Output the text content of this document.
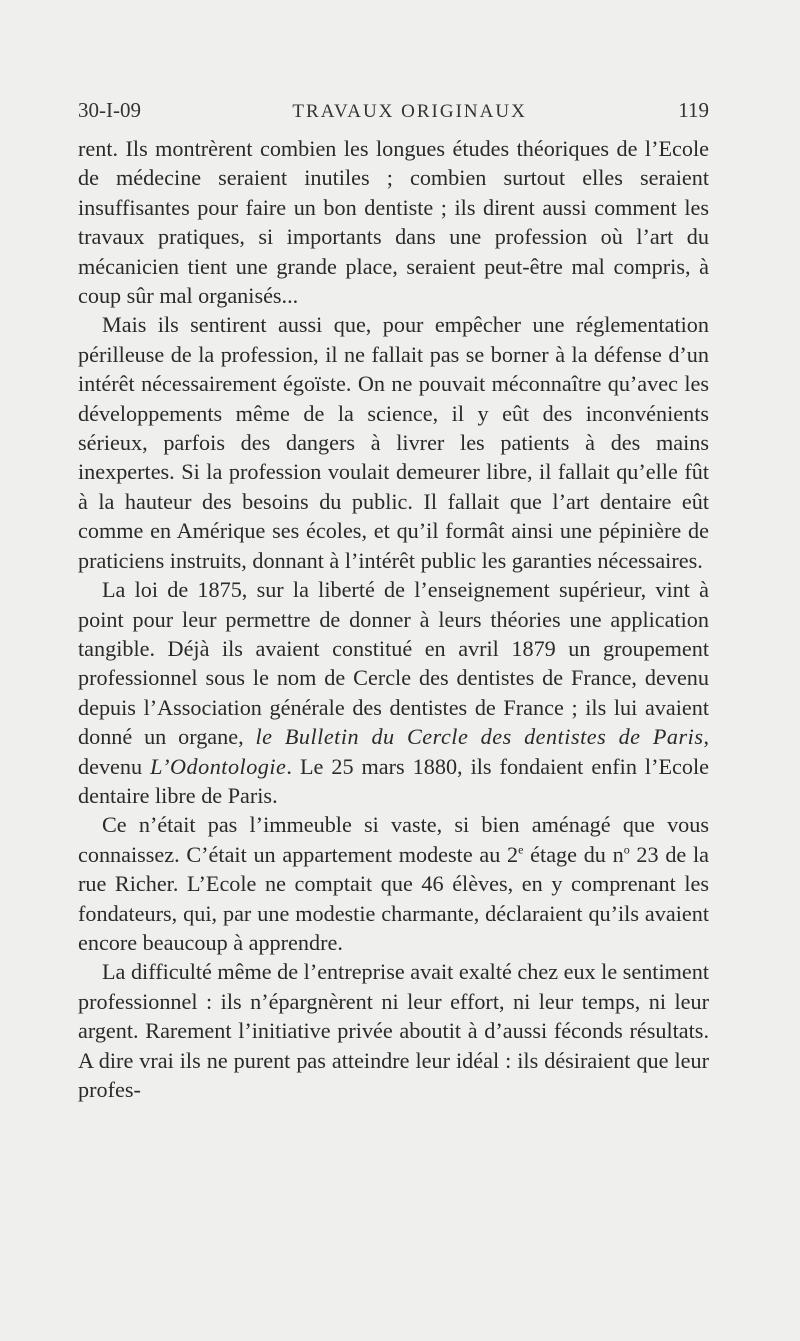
30-I-09	TRAVAUX ORIGINAUX	119

rent. Ils montrèrent combien les longues études théoriques de l’Ecole de médecine seraient inutiles ; combien surtout elles seraient insuffisantes pour faire un bon dentiste ; ils dirent aussi comment les travaux pratiques, si importants dans une profession où l’art du mécanicien tient une grande place, seraient peut-être mal compris, à coup sûr mal organisés...

Mais ils sentirent aussi que, pour empêcher une réglementation périlleuse de la profession, il ne fallait pas se borner à la défense d’un intérêt nécessairement égoïste. On ne pouvait méconnaître qu’avec les développements même de la science, il y eût des inconvénients sérieux, parfois des dangers à livrer les patients à des mains inexpertes. Si la profession voulait demeurer libre, il fallait qu’elle fût à la hauteur des besoins du public. Il fallait que l’art dentaire eût comme en Amérique ses écoles, et qu’il formât ainsi une pépinière de praticiens instruits, donnant à l’intérêt public les garanties nécessaires.

La loi de 1875, sur la liberté de l’enseignement supérieur, vint à point pour leur permettre de donner à leurs théories une application tangible. Déjà ils avaient constitué en avril 1879 un groupement professionnel sous le nom de Cercle des dentistes de France, devenu depuis l’Association générale des dentistes de France ; ils lui avaient donné un organe, le Bulletin du Cercle des dentistes de Paris, devenu L’Odontologie. Le 25 mars 1880, ils fondaient enfin l’Ecole dentaire libre de Paris.

Ce n’était pas l’immeuble si vaste, si bien aménagé que vous connaissez. C’était un appartement modeste au 2e étage du $n^o$ 23 de la rue Richer. L’Ecole ne comptait que 46 élèves, en y comprenant les fondateurs, qui, par une modestie charmante, déclaraient qu’ils avaient encore beaucoup à apprendre.

La difficulté même de l’entreprise avait exalté chez eux le sentiment professionnel : ils n’épargnèrent ni leur effort, ni leur temps, ni leur argent. Rarement l’initiative privée aboutit à d’aussi féconds résultats. A dire vrai ils ne purent pas atteindre leur idéal : ils désiraient que leur profes-
